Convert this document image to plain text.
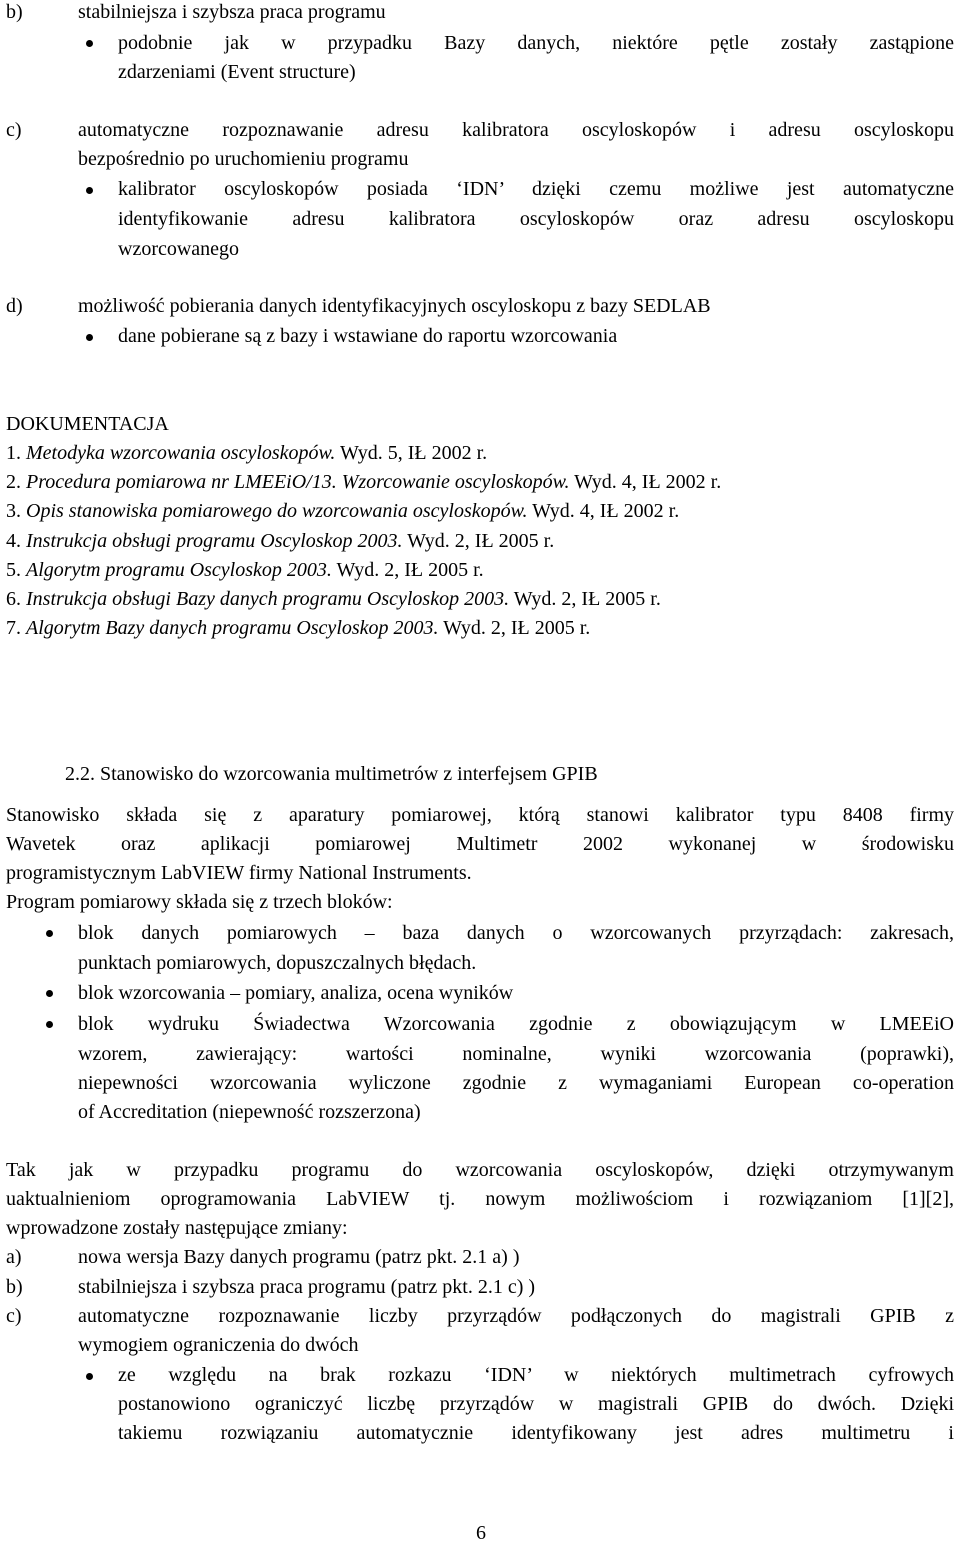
b)	stabilniejsza i szybsza praca programu
podobnie jak w przypadku Bazy danych, niektóre pętle zostały zastąpione
zdarzeniami (Event structure)
c)	automatyczne rozpoznawanie adresu kalibratora oscyloskopów i adresu oscyloskopu
bezpośrednio po uruchomieniu programu
kalibrator oscyloskopów posiada ‘IDN’ dzięki czemu możliwe jest automatyczne
identyfikowanie adresu kalibratora oscyloskopów oraz adresu oscyloskopu
wzorcowanego
d)	możliwość pobierania danych identyfikacyjnych oscyloskopu z bazy SEDLAB
dane pobierane są z bazy i wstawiane do raportu wzorcowania
DOKUMENTACJA
1. Metodyka wzorcowania oscyloskopów. Wyd. 5, IŁ 2002 r.
2. Procedura pomiarowa nr LMEEiO/13. Wzorcowanie oscyloskopów. Wyd. 4, IŁ 2002 r.
3. Opis stanowiska pomiarowego do wzorcowania oscyloskopów. Wyd. 4, IŁ 2002 r.
4. Instrukcja obsługi programu Oscyloskop 2003. Wyd. 2, IŁ 2005 r.
5. Algorytm programu Oscyloskop 2003. Wyd. 2, IŁ 2005 r.
6. Instrukcja obsługi Bazy danych programu Oscyloskop 2003. Wyd. 2, IŁ 2005 r.
7. Algorytm Bazy danych programu Oscyloskop 2003. Wyd. 2, IŁ 2005 r.
2.2. Stanowisko do wzorcowania multimetrów z interfejsem GPIB
Stanowisko składa się z aparatury pomiarowej, którą stanowi kalibrator typu 8408 firmy
Wavetek oraz aplikacji pomiarowej Multimetr 2002 wykonanej w środowisku
programistycznym LabVIEW firmy National Instruments.
Program pomiarowy składa się z trzech bloków:
blok danych pomiarowych – baza danych o wzorcowanych przyrządach: zakresach,
punktach pomiarowych, dopuszczalnych błędach.
blok wzorcowania – pomiary, analiza, ocena wyników
blok wydruku Świadectwa Wzorcowania zgodnie z obowiązującym w LMEEiO
wzorem, zawierający: wartości nominalne, wyniki wzorcowania (poprawki),
niepewności wzorcowania wyliczone zgodnie z wymaganiami European co-operation
of Accreditation (niepewność rozszerzona)
Tak jak w przypadku programu do wzorcowania oscyloskopów, dzięki otrzymywanym
uaktualnieniom oprogramowania LabVIEW tj. nowym możliwościom i rozwiązaniom [1][2],
wprowadzone zostały następujące zmiany:
a)	nowa wersja Bazy danych programu (patrz pkt. 2.1 a) )
b)	stabilniejsza i szybsza praca programu (patrz pkt. 2.1 c) )
c)	automatyczne rozpoznawanie liczby przyrządów podłączonych do magistrali GPIB z
wymogiem ograniczenia do dwóch
ze względu na brak rozkazu ‘IDN’ w niektórych multimetrach cyfrowych
postanowiono ograniczyć liczbę przyrządów w magistrali GPIB do dwóch. Dzięki
takiemu rozwiązaniu automatycznie identyfikowany jest adres multimetru i
6
